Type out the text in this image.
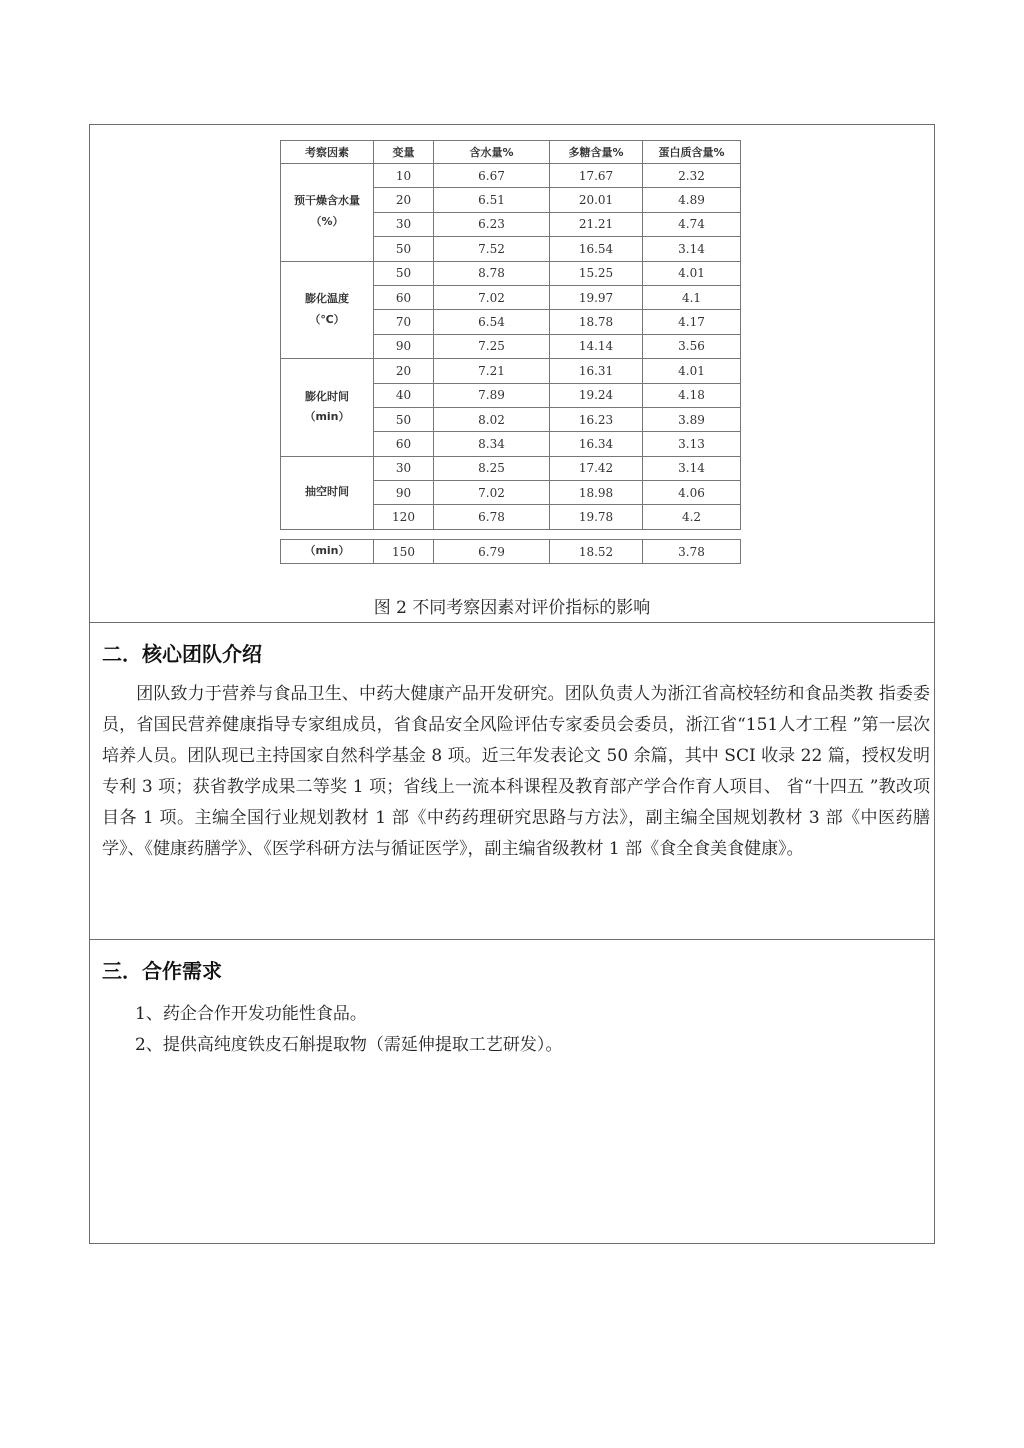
考察因素	变量	含水量%	多糖含量%	蛋白质含量%

预干燥含水量
（%）	10	6.67	17.67	2.32
	20	6.51	20.01	4.89
	30	6.23	21.21	4.74
	50	7.52	16.54	3.14

膨化温度
（℃）	50	8.78	15.25	4.01
	60	7.02	19.97	4.1
	70	6.54	18.78	4.17
	90	7.25	14.14	3.56

膨化时间
（min）	20	7.21	16.31	4.01
	40	7.89	19.24	4.18
	50	8.02	16.23	3.89
	60	8.34	16.34	3.13

抽空时间	30	8.25	17.42	3.14
	90	7.02	18.98	4.06
	120	6.78	19.78	4.2

（min）	150	6.79	18.52	3.78
图 2 不同考察因素对评价指标的影响
二．核心团队介绍
　　团队致力于营养与食品卫生、中药大健康产品开发研究。团队负责人为浙江省高校轻纺和食品类教 指委委员，省国民营养健康指导专家组成员，省食品安全风险评估专家委员会委员，浙江省“151人才工程 ”第一层次培养人员。团队现已主持国家自然科学基金 8 项。近三年发表论文 50 余篇，其中 SCI 收录 22 篇，授权发明专利 3 项；获省教学成果二等奖 1 项；省线上一流本科课程及教育部产学合作育人项目、 省“十四五 ”教改项目各 1 项。主编全国行业规划教材 1 部《中药药理研究思路与方法》，副主编全国规划教材 3 部《中医药膳学》、《健康药膳学》、《医学科研方法与循证医学》，副主编省级教材 1 部《食全食美食健康》。
三．合作需求
1、药企合作开发功能性食品。
2、提供高纯度铁皮石斛提取物（需延伸提取工艺研发）。
